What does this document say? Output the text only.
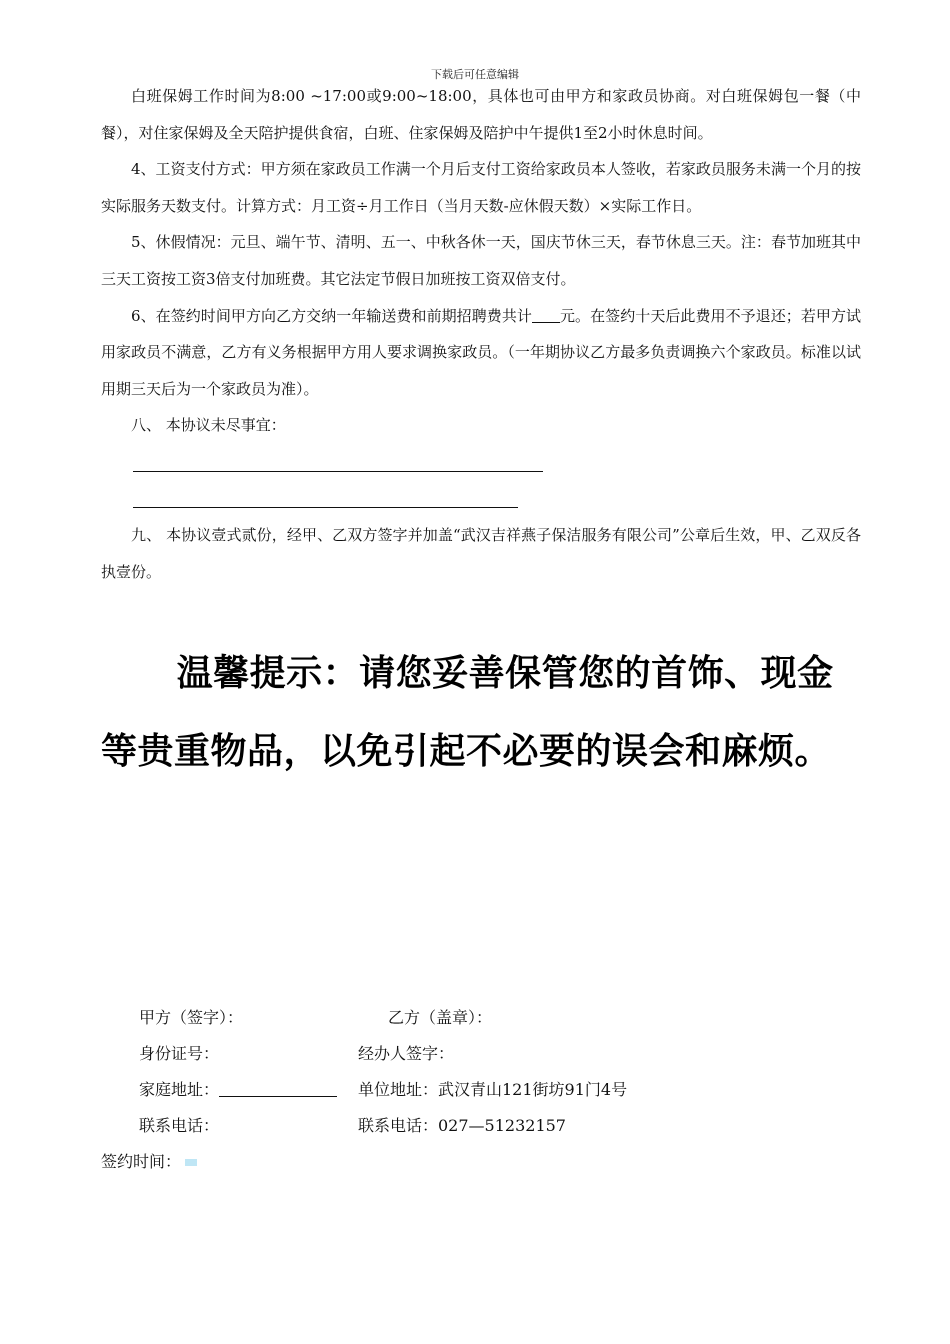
下载后可任意编辑

白班保姆工作时间为8:00 ~17:00或9:00~18:00，具体也可由甲方和家政员协商。对白班保姆包一餐（中餐），对住家保姆及全天陪护提供食宿，白班、住家保姆及陪护中午提供1至2小时休息时间。

4、工资支付方式：甲方须在家政员工作满一个月后支付工资给家政员本人签收，若家政员服务未满一个月的按实际服务天数支付。计算方式：月工资÷月工作日（当月天数-应休假天数）×实际工作日。

5、休假情况：元旦、端午节、清明、五一、中秋各休一天，国庆节休三天，春节休息三天。注：春节加班其中三天工资按工资3倍支付加班费。其它法定节假日加班按工资双倍支付。

6、在签约时间甲方向乙方交纳一年输送费和前期招聘费共计 元。在签约十天后此费用不予退还；若甲方试用家政员不满意，乙方有义务根据甲方用人要求调换家政员。（一年期协议乙方最多负责调换六个家政员。标准以试用期三天后为一个家政员为准）。

八、 本协议未尽事宜：

九、 本协议壹式贰份，经甲、乙双方签字并加盖“武汉吉祥燕子保洁服务有限公司”公章后生效，甲、乙双反各执壹份。

温馨提示：请您妥善保管您的首饰、现金等贵重物品，以免引起不必要的误会和麻烦。
甲方（签字）：	乙方（盖章）：
身份证号：	经办人签字：
家庭地址：	单位地址：武汉青山121街坊91门4号
联系电话：	联系电话：027—51232157
签约时间：
